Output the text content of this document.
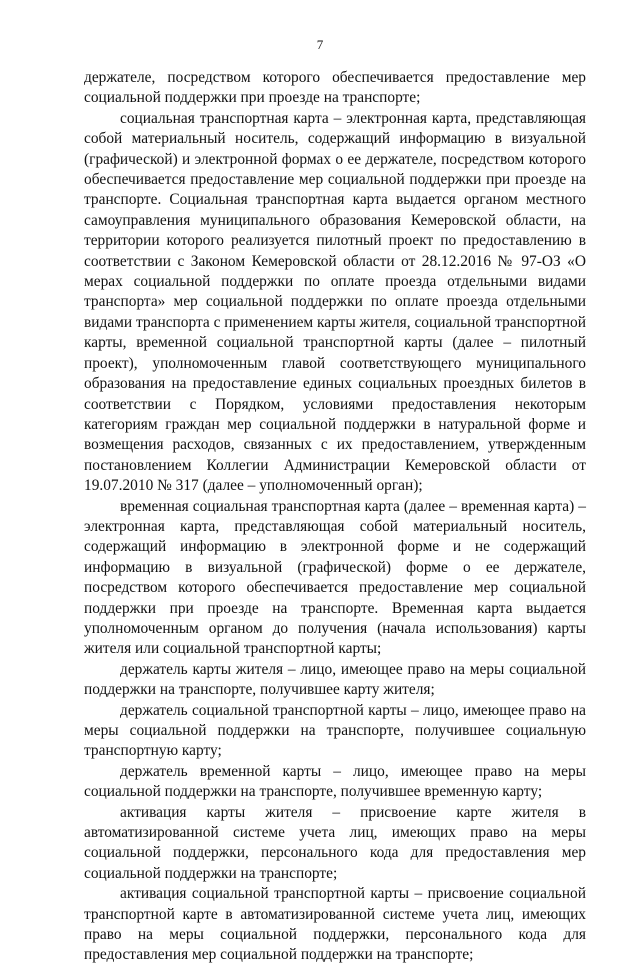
7

держателе, посредством которого обеспечивается предоставление мер социальной поддержки при проезде на транспорте;

социальная транспортная карта – электронная карта, представляющая собой материальный носитель, содержащий информацию в визуальной (графической) и электронной формах о ее держателе, посредством которого обеспечивается предоставление мер социальной поддержки при проезде на транспорте. Социальная транспортная карта выдается органом местного самоуправления муниципального образования Кемеровской области, на территории которого реализуется пилотный проект по предоставлению в соответствии с Законом Кемеровской области от 28.12.2016 № 97-ОЗ «О мерах социальной поддержки по оплате проезда отдельными видами транспорта» мер социальной поддержки по оплате проезда отдельными видами транспорта с применением карты жителя, социальной транспортной карты, временной социальной транспортной карты (далее – пилотный проект), уполномоченным главой соответствующего муниципального образования на предоставление единых социальных проездных билетов в соответствии с Порядком, условиями предоставления некоторым категориям граждан мер социальной поддержки в натуральной форме и возмещения расходов, связанных с их предоставлением, утвержденным постановлением Коллегии Администрации Кемеровской области от 19.07.2010 № 317 (далее – уполномоченный орган);

временная социальная транспортная карта (далее – временная карта) – электронная карта, представляющая собой материальный носитель, содержащий информацию в электронной форме и не содержащий информацию в визуальной (графической) форме о ее держателе, посредством которого обеспечивается предоставление мер социальной поддержки при проезде на транспорте. Временная карта выдается уполномоченным органом до получения (начала использования) карты жителя или социальной транспортной карты;

держатель карты жителя – лицо, имеющее право на меры социальной поддержки на транспорте, получившее карту жителя;

держатель социальной транспортной карты – лицо, имеющее право на меры социальной поддержки на транспорте, получившее социальную транспортную карту;

держатель временной карты – лицо, имеющее право на меры социальной поддержки на транспорте, получившее временную карту;

активация карты жителя – присвоение карте жителя в автоматизированной системе учета лиц, имеющих право на меры социальной поддержки, персонального кода для предоставления мер социальной поддержки на транспорте;

активация социальной транспортной карты – присвоение социальной транспортной карте в автоматизированной системе учета лиц, имеющих право на меры социальной поддержки, персонального кода для предоставления мер социальной поддержки на транспорте;
